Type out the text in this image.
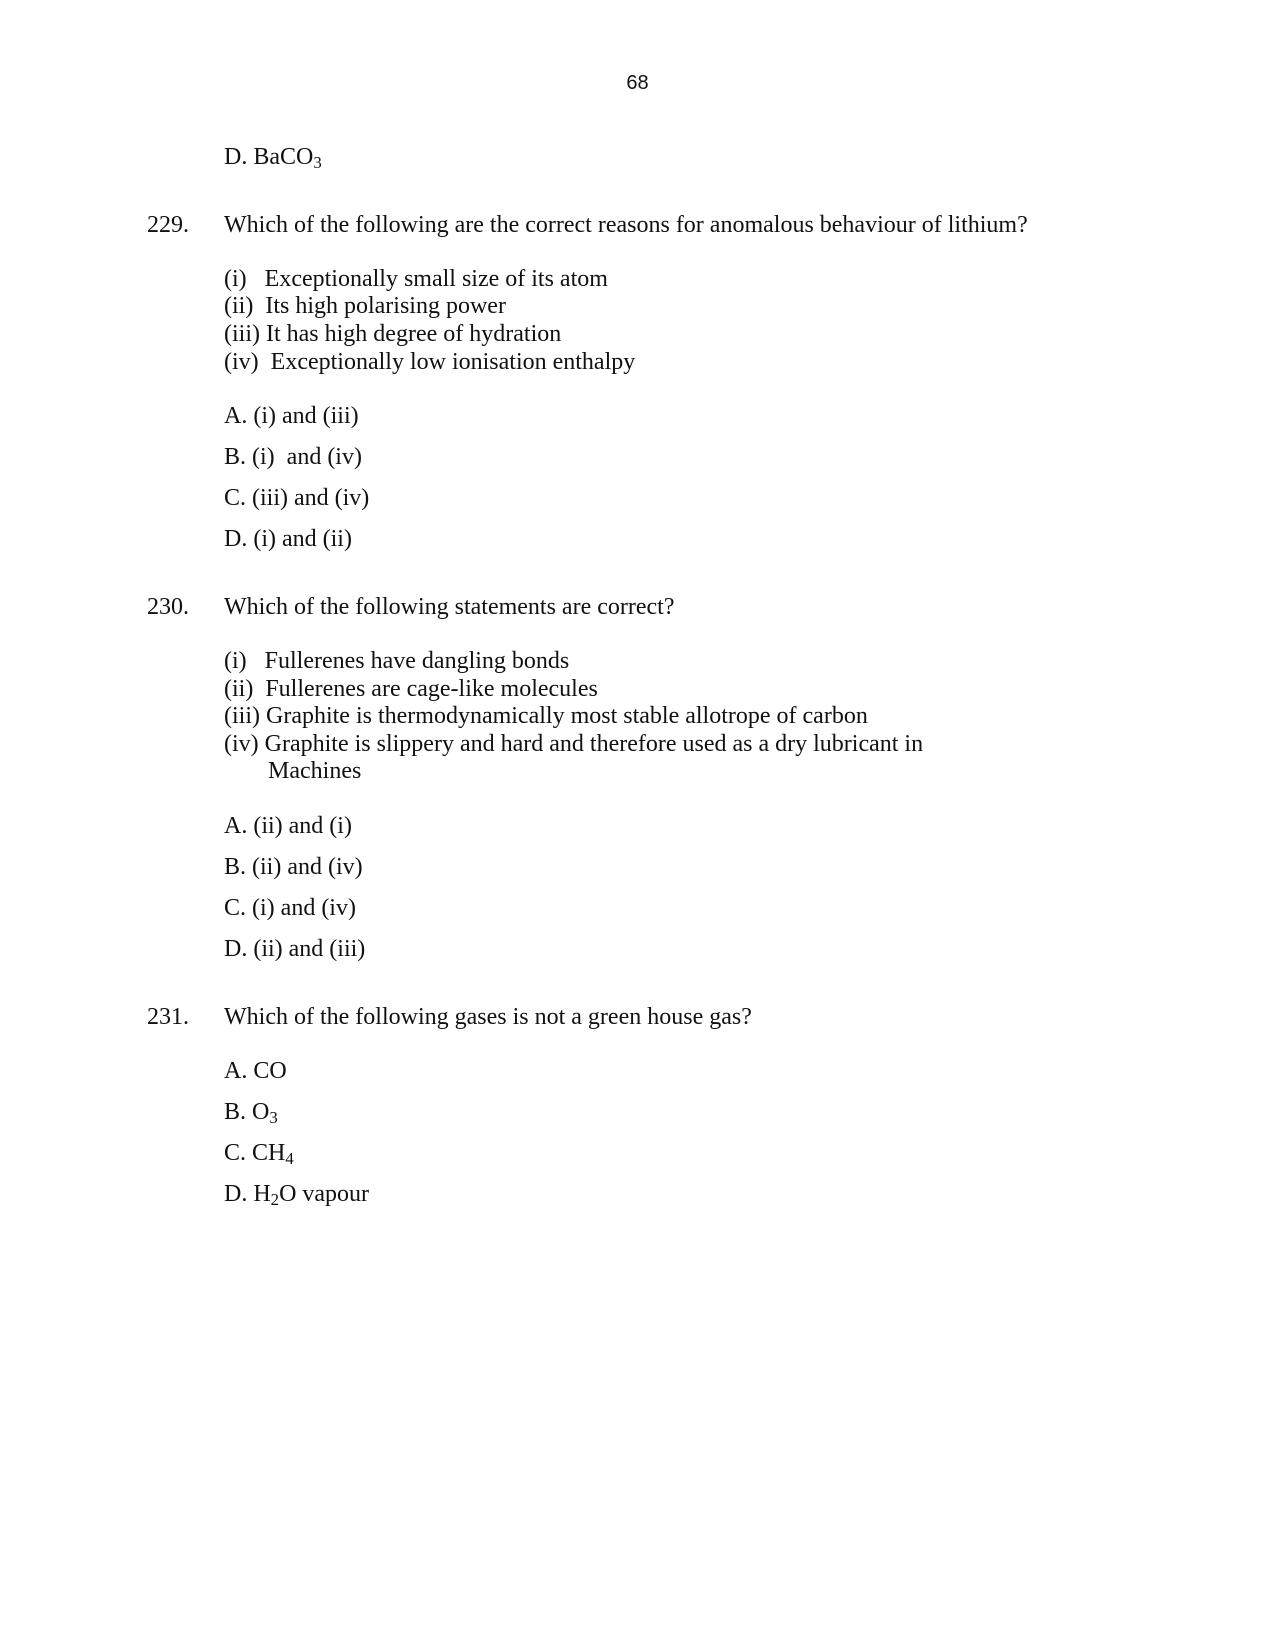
68
D. BaCO$_3$
229. Which of the following are the correct reasons for anomalous behaviour of lithium?
(i)   Exceptionally small size of its atom
(ii)  Its high polarising power
(iii) It has high degree of hydration
(iv)  Exceptionally low ionisation enthalpy
A. (i) and (iii)
B. (i)  and (iv)
C. (iii) and (iv)
D. (i) and (ii)
230. Which of the following statements are correct?
(i)   Fullerenes have dangling bonds
(ii)  Fullerenes are cage-like molecules
(iii) Graphite is thermodynamically most stable allotrope of carbon
(iv) Graphite is slippery and hard and therefore used as a dry lubricant in
Machines
A. (ii) and (i)
B. (ii) and (iv)
C. (i) and (iv)
D. (ii) and (iii)
231. Which of the following gases is not a green house gas?
A. CO
B. $O_3$
C. $CH_4$
D. $H_2O$ vapour
